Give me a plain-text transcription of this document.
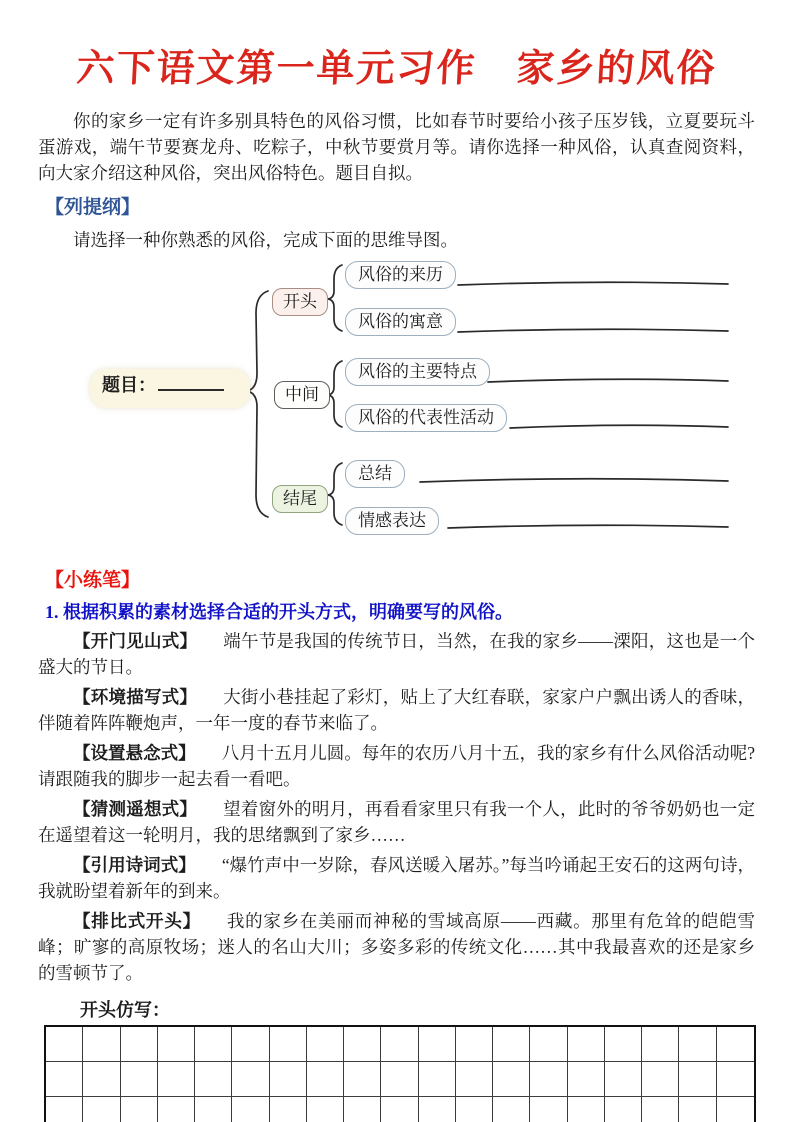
六下语文第一单元习作　家乡的风俗

你的家乡一定有许多别具特色的风俗习惯，比如春节时要给小孩子压岁钱，立夏要玩斗蛋游戏，端午节要赛龙舟、吃粽子，中秋节要赏月等。请你选择一种风俗，认真查阅资料，向大家介绍这种风俗，突出风俗特色。题目自拟。

【列提纲】

请选择一种你熟悉的风俗，完成下面的思维导图。

题目：
开头
中间
结尾
风俗的来历
风俗的寓意
风俗的主要特点
风俗的代表性活动
总结
情感表达
【小练笔】
1. 根据积累的素材选择合适的开头方式，明确要写的风俗。

【开门见山式】 端午节是我国的传统节日，当然，在我的家乡——溧阳，这也是一个盛大的节日。

【环境描写式】 大街小巷挂起了彩灯，贴上了大红春联，家家户户飘出诱人的香味，伴随着阵阵鞭炮声，一年一度的春节来临了。

【设置悬念式】 八月十五月儿圆。每年的农历八月十五，我的家乡有什么风俗活动呢?请跟随我的脚步一起去看一看吧。

【猜测遥想式】 望着窗外的明月，再看看家里只有我一个人，此时的爷爷奶奶也一定在遥望着这一轮明月，我的思绪飘到了家乡……

【引用诗词式】 “爆竹声中一岁除，春风送暖入屠苏。”每当吟诵起王安石的这两句诗，我就盼望着新年的到来。

【排比式开头】 我的家乡在美丽而神秘的雪域高原——西藏。那里有危耸的皑皑雪峰；旷寥的高原牧场；迷人的名山大川；多姿多彩的传统文化……其中我最喜欢的还是家乡的雪顿节了。

开头仿写：
